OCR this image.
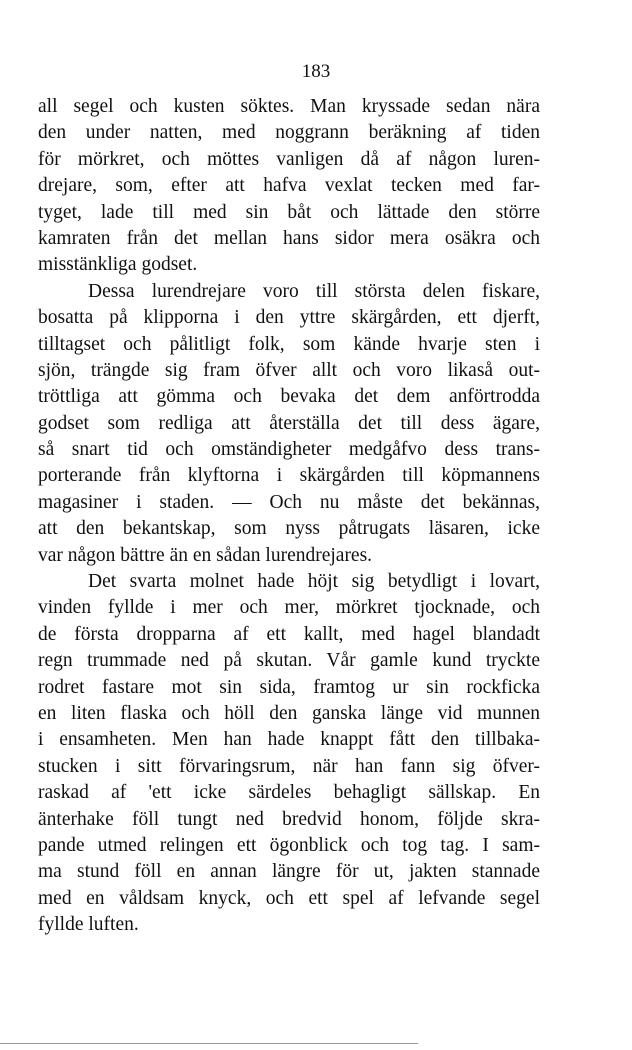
183
all segel och kusten söktes. Man kryssade sedan nära
den under natten, med noggrann beräkning af tiden
för mörkret, och möttes vanligen då af någon luren-
drejare, som, efter att hafva vexlat tecken med far-
tyget, lade till med sin båt och lättade den större
kamraten från det mellan hans sidor mera osäkra och
misstänkliga godset.
Dessa lurendrejare voro till största delen fiskare,
bosatta på klipporna i den yttre skärgården, ett djerft,
tilltagset och pålitligt folk, som kände hvarje sten i
sjön, trängde sig fram öfver allt och voro likaså out-
tröttliga att gömma och bevaka det dem anförtrodda
godset som redliga att återställa det till dess ägare,
så snart tid och omständigheter medgåfvo dess trans-
porterande från klyftorna i skärgården till köpmannens
magasiner i staden. — Och nu måste det bekännas,
att den bekantskap, som nyss påtrugats läsaren, icke
var någon bättre än en sådan lurendrejares.
Det svarta molnet hade höjt sig betydligt i lovart,
vinden fyllde i mer och mer, mörkret tjocknade, och
de första dropparna af ett kallt, med hagel blandadt
regn trummade ned på skutan. Vår gamle kund tryckte
rodret fastare mot sin sida, framtog ur sin rockficka
en liten flaska och höll den ganska länge vid munnen
i ensamheten. Men han hade knappt fått den tillbaka-
stucken i sitt förvaringsrum, när han fann sig öfver-
raskad af 'ett icke särdeles behagligt sällskap. En
änterhake föll tungt ned bredvid honom, följde skra-
pande utmed relingen ett ögonblick och tog tag. I sam-
ma stund föll en annan längre för ut, jakten stannade
med en våldsam knyck, och ett spel af lefvande segel
fyllde luften.
